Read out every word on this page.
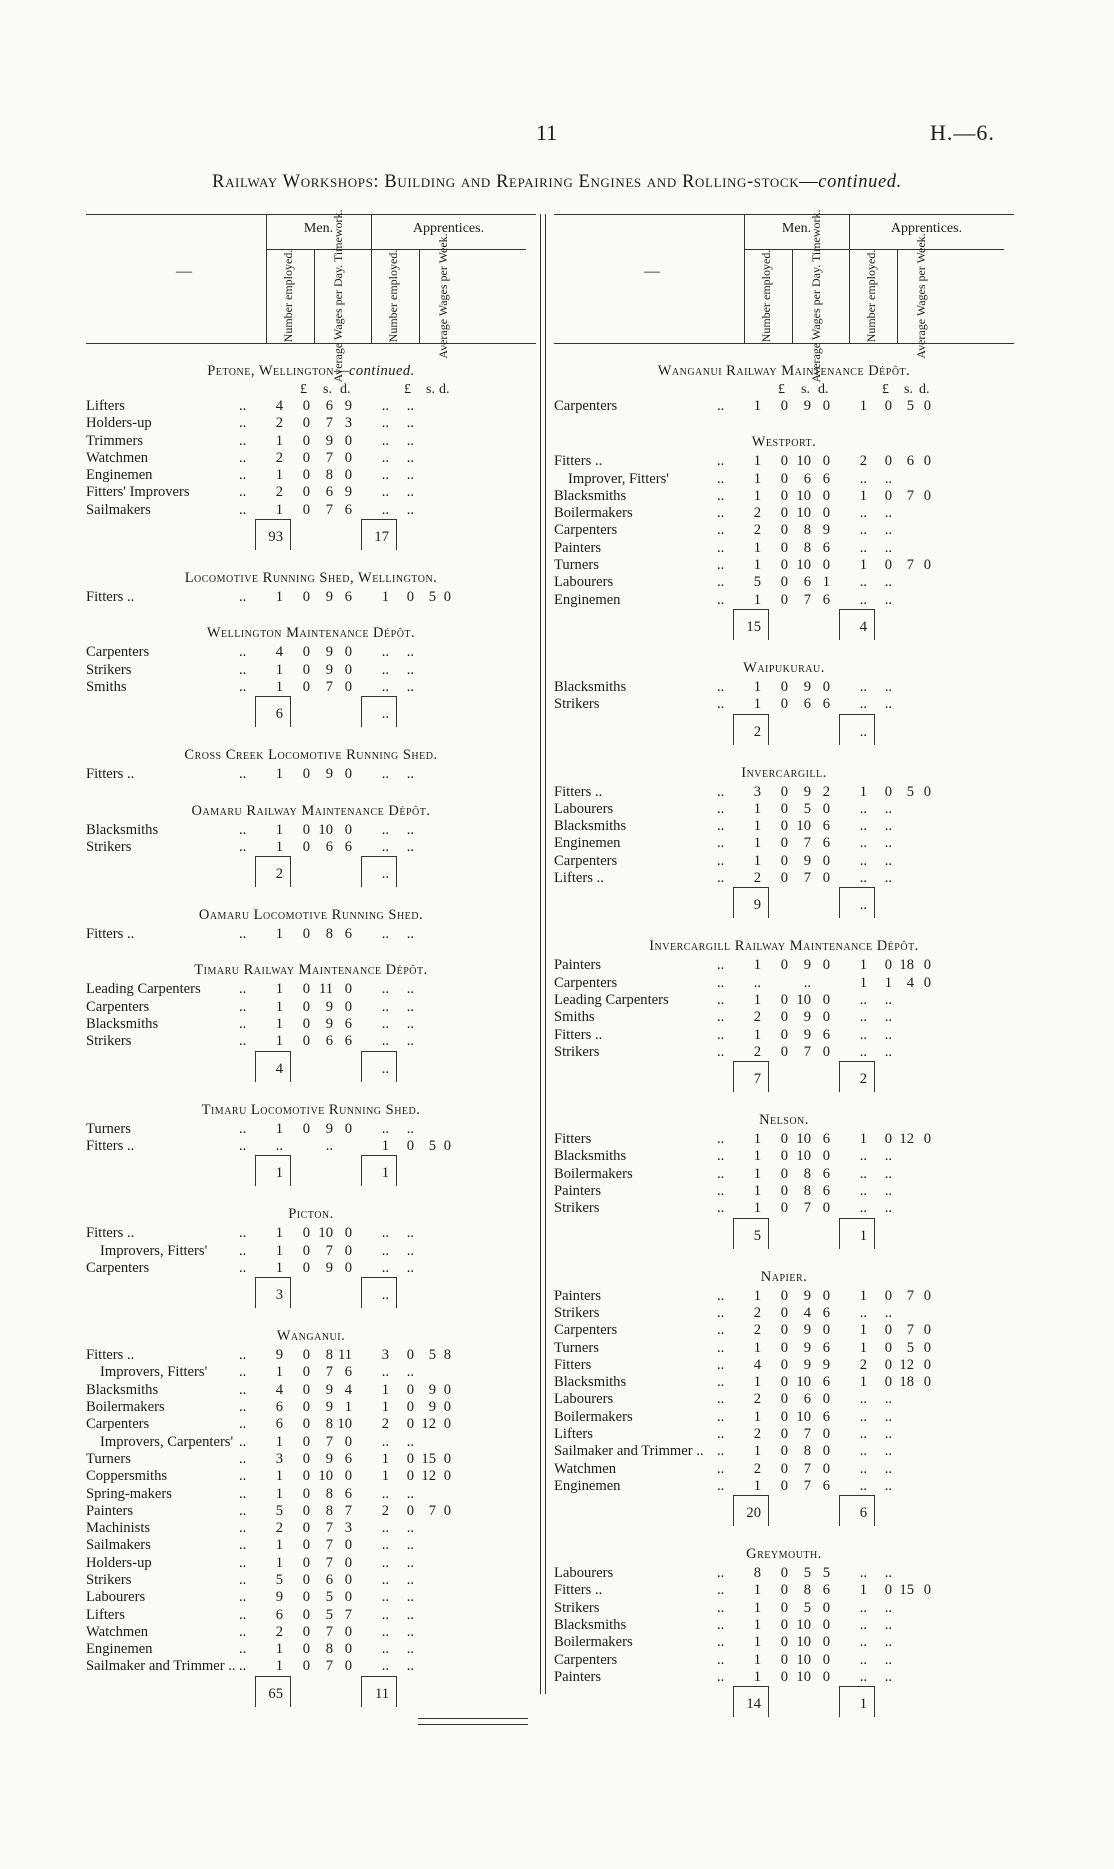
11	H.—6.
Railway Workshops: Building and Repairing Engines and Rolling-stock—continued.
—
Men.	Apprentices.
Number employed.	Average Wages per Day. Timework.	Number employed.	Average Wages per Week.
Petone, Wellington—continued.
£ s. d.	£ s. d.
Lifters	..	4	0	6 9	..	..
Holders-up	..	2	0	7 3	..	..
Trimmers	..	1	0	9 0	..	..
Watchmen	..	2	0	7 0	..	..
Enginemen	..	1	0	8 0	..	..
Fitters' Improvers	..	2	0	6 9	..	..
Sailmakers	..	1	0	7 6	..	..
93	17
Locomotive Running Shed, Wellington.
Fitters ..	..	1	0	9 6	1	0	5 0
Wellington Maintenance Dépôt.
Carpenters	..	4	0	9 0	..	..
Strikers	..	1	0	9 0	..	..
Smiths	..	1	0	7 0	..	..
6	..
Cross Creek Locomotive Running Shed.
Fitters ..	..	1	0	9 0	..	..
Oamaru Railway Maintenance Dépôt.
Blacksmiths	..	1	0 10 0	..	..
Strikers	..	1	0	6 6	..	..
2	..
Oamaru Locomotive Running Shed.
Fitters ..	..	1	0	8 6	..	..
Timaru Railway Maintenance Dépôt.
Leading Carpenters	..	1	0 11 0	..	..
Carpenters	..	1	0	9 0	..	..
Blacksmiths	..	1	0	9 6	..	..
Strikers	..	1	0	6 6	..	..
4	..
Timaru Locomotive Running Shed.
Turners	..	1	0	9 0	..	..
Fitters ..	..	..	..	1	0	5 0
1	1
Picton.
Fitters ..	..	1	0 10 0	..	..
Improvers, Fitters' ..	1	0	7 0	..	..
Carpenters	..	1	0	9 0	..	..
3	..
Wanganui.
Fitters ..	..	9	0	8 11	3	0	5 8
Improvers, Fitters' ..	1	0	7 6	..	..
Blacksmiths	..	4	0	9 4	1	0	9 0
Boilermakers	..	6	0	9 1	1	0	9 0
Carpenters	..	6	0	8 10	2	0 12 0
Improvers, Carpenters' ..	1	0	7 0	..	..
Turners	..	3	0	9 6	1	0 15 0
Coppersmiths	..	1	0 10 0	1	0 12 0
Spring-makers	..	1	0	8 6	..	..
Painters	..	5	0	8 7	2	0	7 0
Machinists	..	2	0	7 3	..	..
Sailmakers	..	1	0	7 0	..	..
Holders-up	..	1	0	7 0	..	..
Strikers	..	5	0	6 0	..	..
Labourers	..	9	0	5 0	..	..
Lifters	..	6	0	5 7	..	..
Watchmen	..	2	0	7 0	..	..
Enginemen	..	1	0	8 0	..	..
Sailmaker and Trimmer .. ..	1	0	7 0	..	..
65	11
—
Men.	Apprentices.
Number employed.	Average Wages per Day. Timework.	Number employed.	Average Wages per Week.
Wanganui Railway Maintenance Dépôt.
£ s. d.	£ s. d.
Carpenters	..	1	0	9 0	1	0	5 0
Westport.
Fitters ..	..	1	0 10 0	2	0	6 0
Improver, Fitters'	..	1	0	6 6	..	..
Blacksmiths	..	1	0 10 0	1	0	7 0
Boilermakers	..	2	0 10 0	..	..
Carpenters	..	2	0	8 9	..	..
Painters	..	1	0	8 6	..	..
Turners	..	1	0 10 0	1	0	7 0
Labourers	..	5	0	6 1	..	..
Enginemen	..	1	0	7 6	..	..
15	4
Waipukurau.
Blacksmiths	..	1	0	9 0	..	..
Strikers	..	1	0	6 6	..	..
2	..
Invercargill.
Fitters ..	..	3	0	9 2	1	0	5 0
Labourers	..	1	0	5 0	..	..
Blacksmiths	..	1	0 10 6	..	..
Enginemen	..	1	0	7 6	..	..
Carpenters	..	1	0	9 0	..	..
Lifters ..	..	2	0	7 0	..	..
9	..
Invercargill Railway Maintenance Dépôt.
Painters	..	1	0	9 0	1	0 18 0
Carpenters	..	..	..	1	1	4 0
Leading Carpenters	..	1	0 10 0	..	..
Smiths	..	2	0	9 0	..	..
Fitters ..	..	1	0	9 6	..	..
Strikers	..	2	0	7 0	..	..
7	2
Nelson.
Fitters	..	1	0 10 6	1	0 12 0
Blacksmiths	..	1	0 10 0	..	..
Boilermakers	..	1	0	8 6	..	..
Painters	..	1	0	8 6	..	..
Strikers	..	1	0	7 0	..	..
5	1
Napier.
Painters	..	1	0	9 0	1	0	7 0
Strikers	..	2	0	4 6	..	..
Carpenters	..	2	0	9 0	1	0	7 0
Turners	..	1	0	9 6	1	0	5 0
Fitters	..	4	0	9 9	2	0 12 0
Blacksmiths	..	1	0 10 6	1	0 18 0
Labourers	..	2	0	6 0	..	..
Boilermakers	..	1	0 10 6	..	..
Lifters	..	2	0	7 0	..	..
Sailmaker and Trimmer .. ..	1	0	8 0	..	..
Watchmen	..	2	0	7 0	..	..
Enginemen	..	1	0	7 6	..	..
20	6
Greymouth.
Labourers	..	8	0	5 5	..	..
Fitters ..	..	1	0	8 6	1	0 15 0
Strikers	..	1	0	5 0	..	..
Blacksmiths	..	1	0 10 0	..	..
Boilermakers	..	1	0 10 0	..	..
Carpenters	..	1	0 10 0	..	..
Painters	..	1	0 10 0	..	..
14	1
